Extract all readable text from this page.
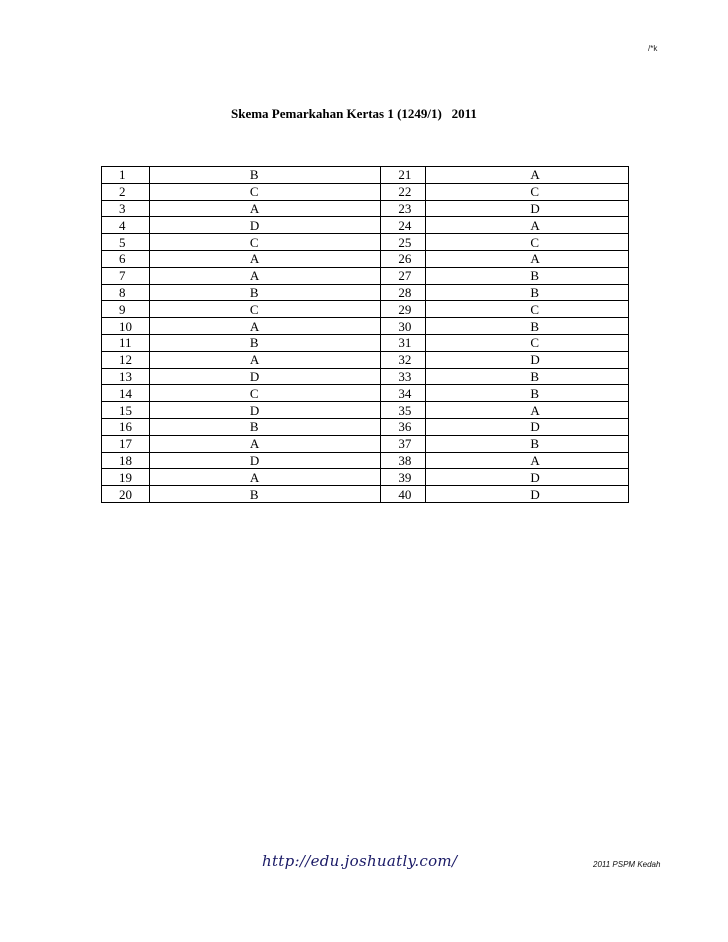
/*k
Skema Pemarkahan Kertas 1 (1249/1)   2011
1	B	21	A
2	C	22	C
3	A	23	D
4	D	24	A
5	C	25	C
6	A	26	A
7	A	27	B
8	B	28	B
9	C	29	C
10	A	30	B
11	B	31	C
12	A	32	D
13	D	33	B
14	C	34	B
15	D	35	A
16	B	36	D
17	A	37	B
18	D	38	A
19	A	39	D
20	B	40	D
http://edu.joshuatly.com/	2011 PSPM Kedah
